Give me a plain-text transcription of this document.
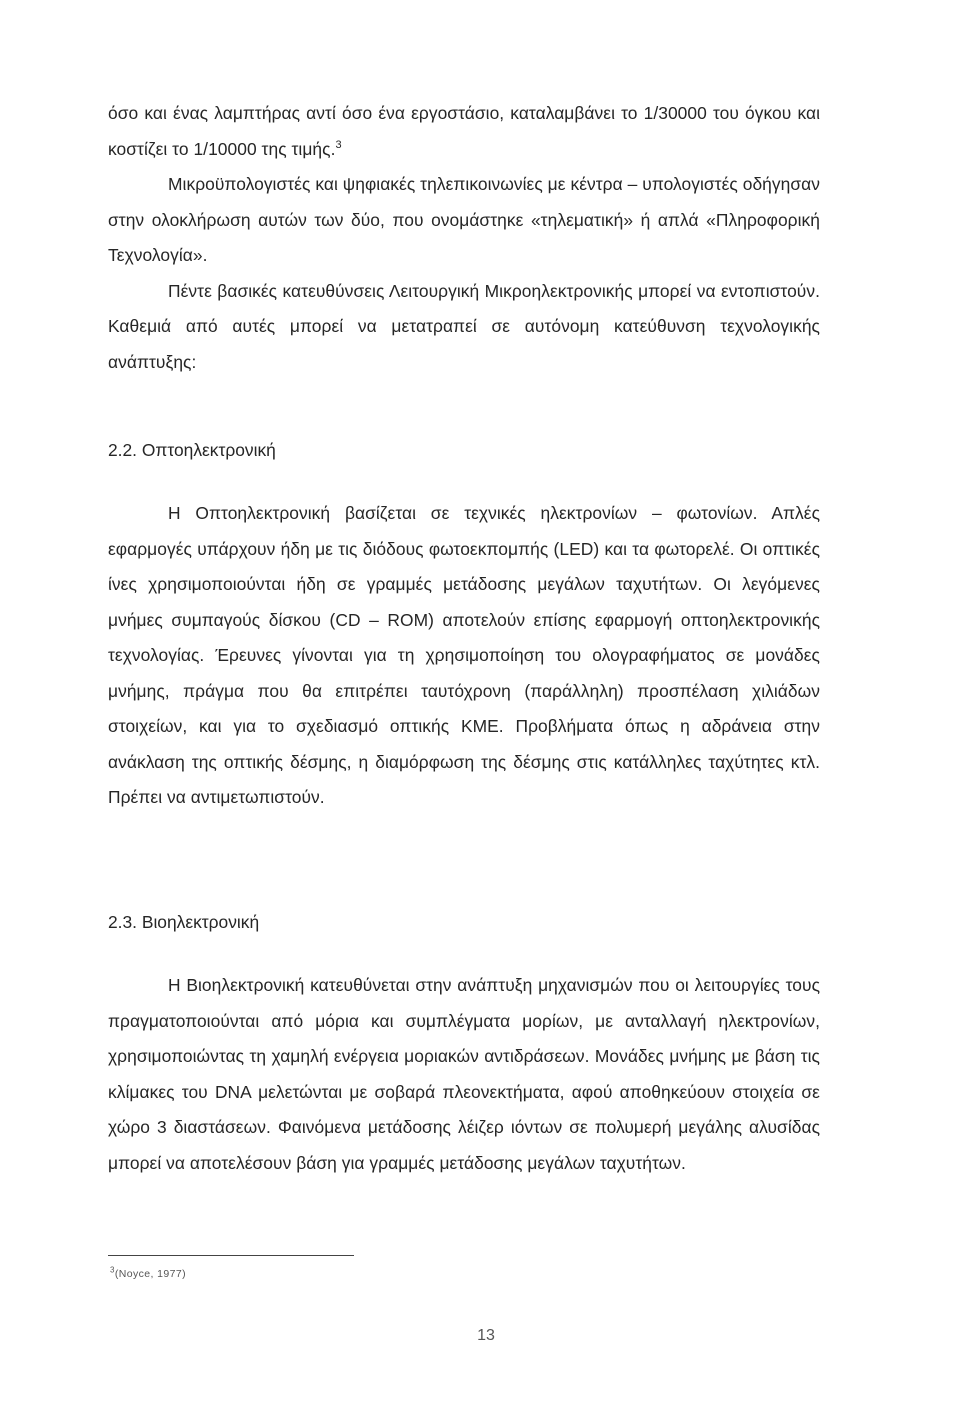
όσο και ένας λαμπτήρας αντί όσο ένα εργοστάσιο, καταλαμβάνει το 1/30000 του όγκου και κοστίζει το 1/10000 της τιμής.$^3$

Μικροϋπολογιστές και ψηφιακές τηλεπικοινωνίες με κέντρα – υπολογιστές οδήγησαν στην ολοκλήρωση αυτών των δύο, που ονομάστηκε «τηλεματική» ή απλά «Πληροφορική Τεχνολογία».

Πέντε βασικές κατευθύνσεις Λειτουργική Μικροηλεκτρονικής μπορεί να εντοπιστούν. Καθεμιά από αυτές μπορεί να μετατραπεί σε αυτόνομη κατεύθυνση τεχνολογικής ανάπτυξης:

2.2. Οπτοηλεκτρονική

Η Οπτοηλεκτρονική βασίζεται σε τεχνικές ηλεκτρονίων – φωτονίων. Απλές εφαρμογές υπάρχουν ήδη με τις διόδους φωτοεκπομπής (LED) και τα φωτορελέ. Οι οπτικές ίνες χρησιμοποιούνται ήδη σε γραμμές μετάδοσης μεγάλων ταχυτήτων. Οι λεγόμενες μνήμες συμπαγούς δίσκου (CD – ROM) αποτελούν επίσης εφαρμογή οπτοηλεκτρονικής τεχνολογίας. Έρευνες γίνονται για τη χρησιμοποίηση του ολογραφήματος σε μονάδες μνήμης, πράγμα που θα επιτρέπει ταυτόχρονη (παράλληλη) προσπέλαση χιλιάδων στοιχείων, και για το σχεδιασμό οπτικής ΚΜΕ. Προβλήματα όπως η αδράνεια στην ανάκλαση της οπτικής δέσμης, η διαμόρφωση της δέσμης στις κατάλληλες ταχύτητες κτλ. Πρέπει να αντιμετωπιστούν.

2.3. Βιοηλεκτρονική

Η Βιοηλεκτρονική κατευθύνεται στην ανάπτυξη μηχανισμών που οι λειτουργίες τους πραγματοποιούνται από μόρια και συμπλέγματα μορίων, με ανταλλαγή ηλεκτρονίων, χρησιμοποιώντας τη χαμηλή ενέργεια μοριακών αντιδράσεων. Μονάδες μνήμης με βάση τις κλίμακες του DNA μελετώνται με σοβαρά πλεονεκτήματα, αφού αποθηκεύουν στοιχεία σε χώρο 3 διαστάσεων. Φαινόμενα μετάδοσης λέιζερ ιόντων σε πολυμερή μεγάλης αλυσίδας μπορεί να αποτελέσουν βάση για γραμμές μετάδοσης μεγάλων ταχυτήτων.

$^3$(Noyce, 1977)
13
